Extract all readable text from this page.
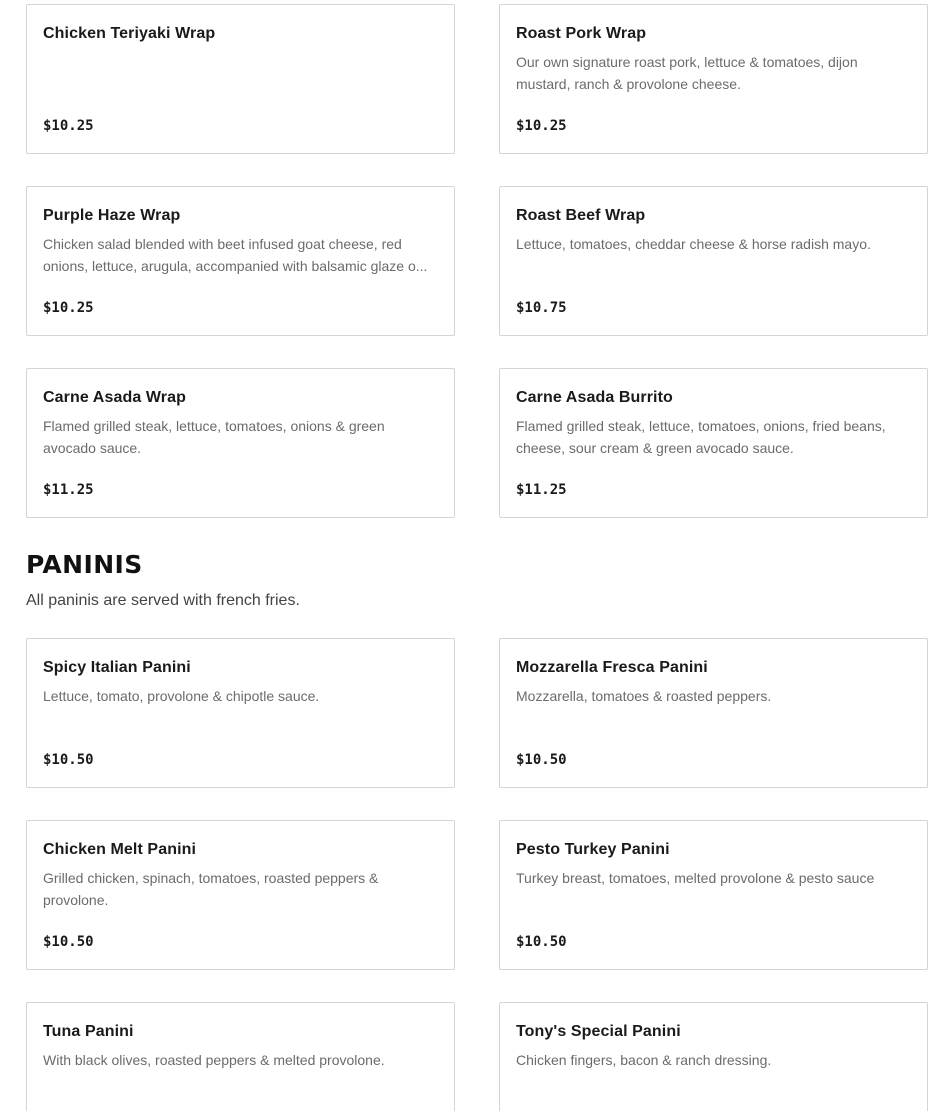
Chicken Teriyaki Wrap
$10.25
Roast Pork Wrap
Our own signature roast pork, lettuce & tomatoes, dijon mustard, ranch & provolone cheese.
$10.25
Purple Haze Wrap
Chicken salad blended with beet infused goat cheese, red onions, lettuce, arugula, accompanied with balsamic glaze o...
$10.25
Roast Beef Wrap
Lettuce, tomatoes, cheddar cheese & horse radish mayo.
$10.75
Carne Asada Wrap
Flamed grilled steak, lettuce, tomatoes, onions & green avocado sauce.
$11.25
Carne Asada Burrito
Flamed grilled steak, lettuce, tomatoes, onions, fried beans, cheese, sour cream & green avocado sauce.
$11.25
PANINIS

All paninis are served with french fries.

Spicy Italian Panini
Lettuce, tomato, provolone & chipotle sauce.
$10.50
Mozzarella Fresca Panini
Mozzarella, tomatoes & roasted peppers.
$10.50
Chicken Melt Panini
Grilled chicken, spinach, tomatoes, roasted peppers & provolone.
$10.50
Pesto Turkey Panini
Turkey breast, tomatoes, melted provolone & pesto sauce
$10.50
Tuna Panini
With black olives, roasted peppers & melted provolone.
Tony's Special Panini
Chicken fingers, bacon & ranch dressing.
